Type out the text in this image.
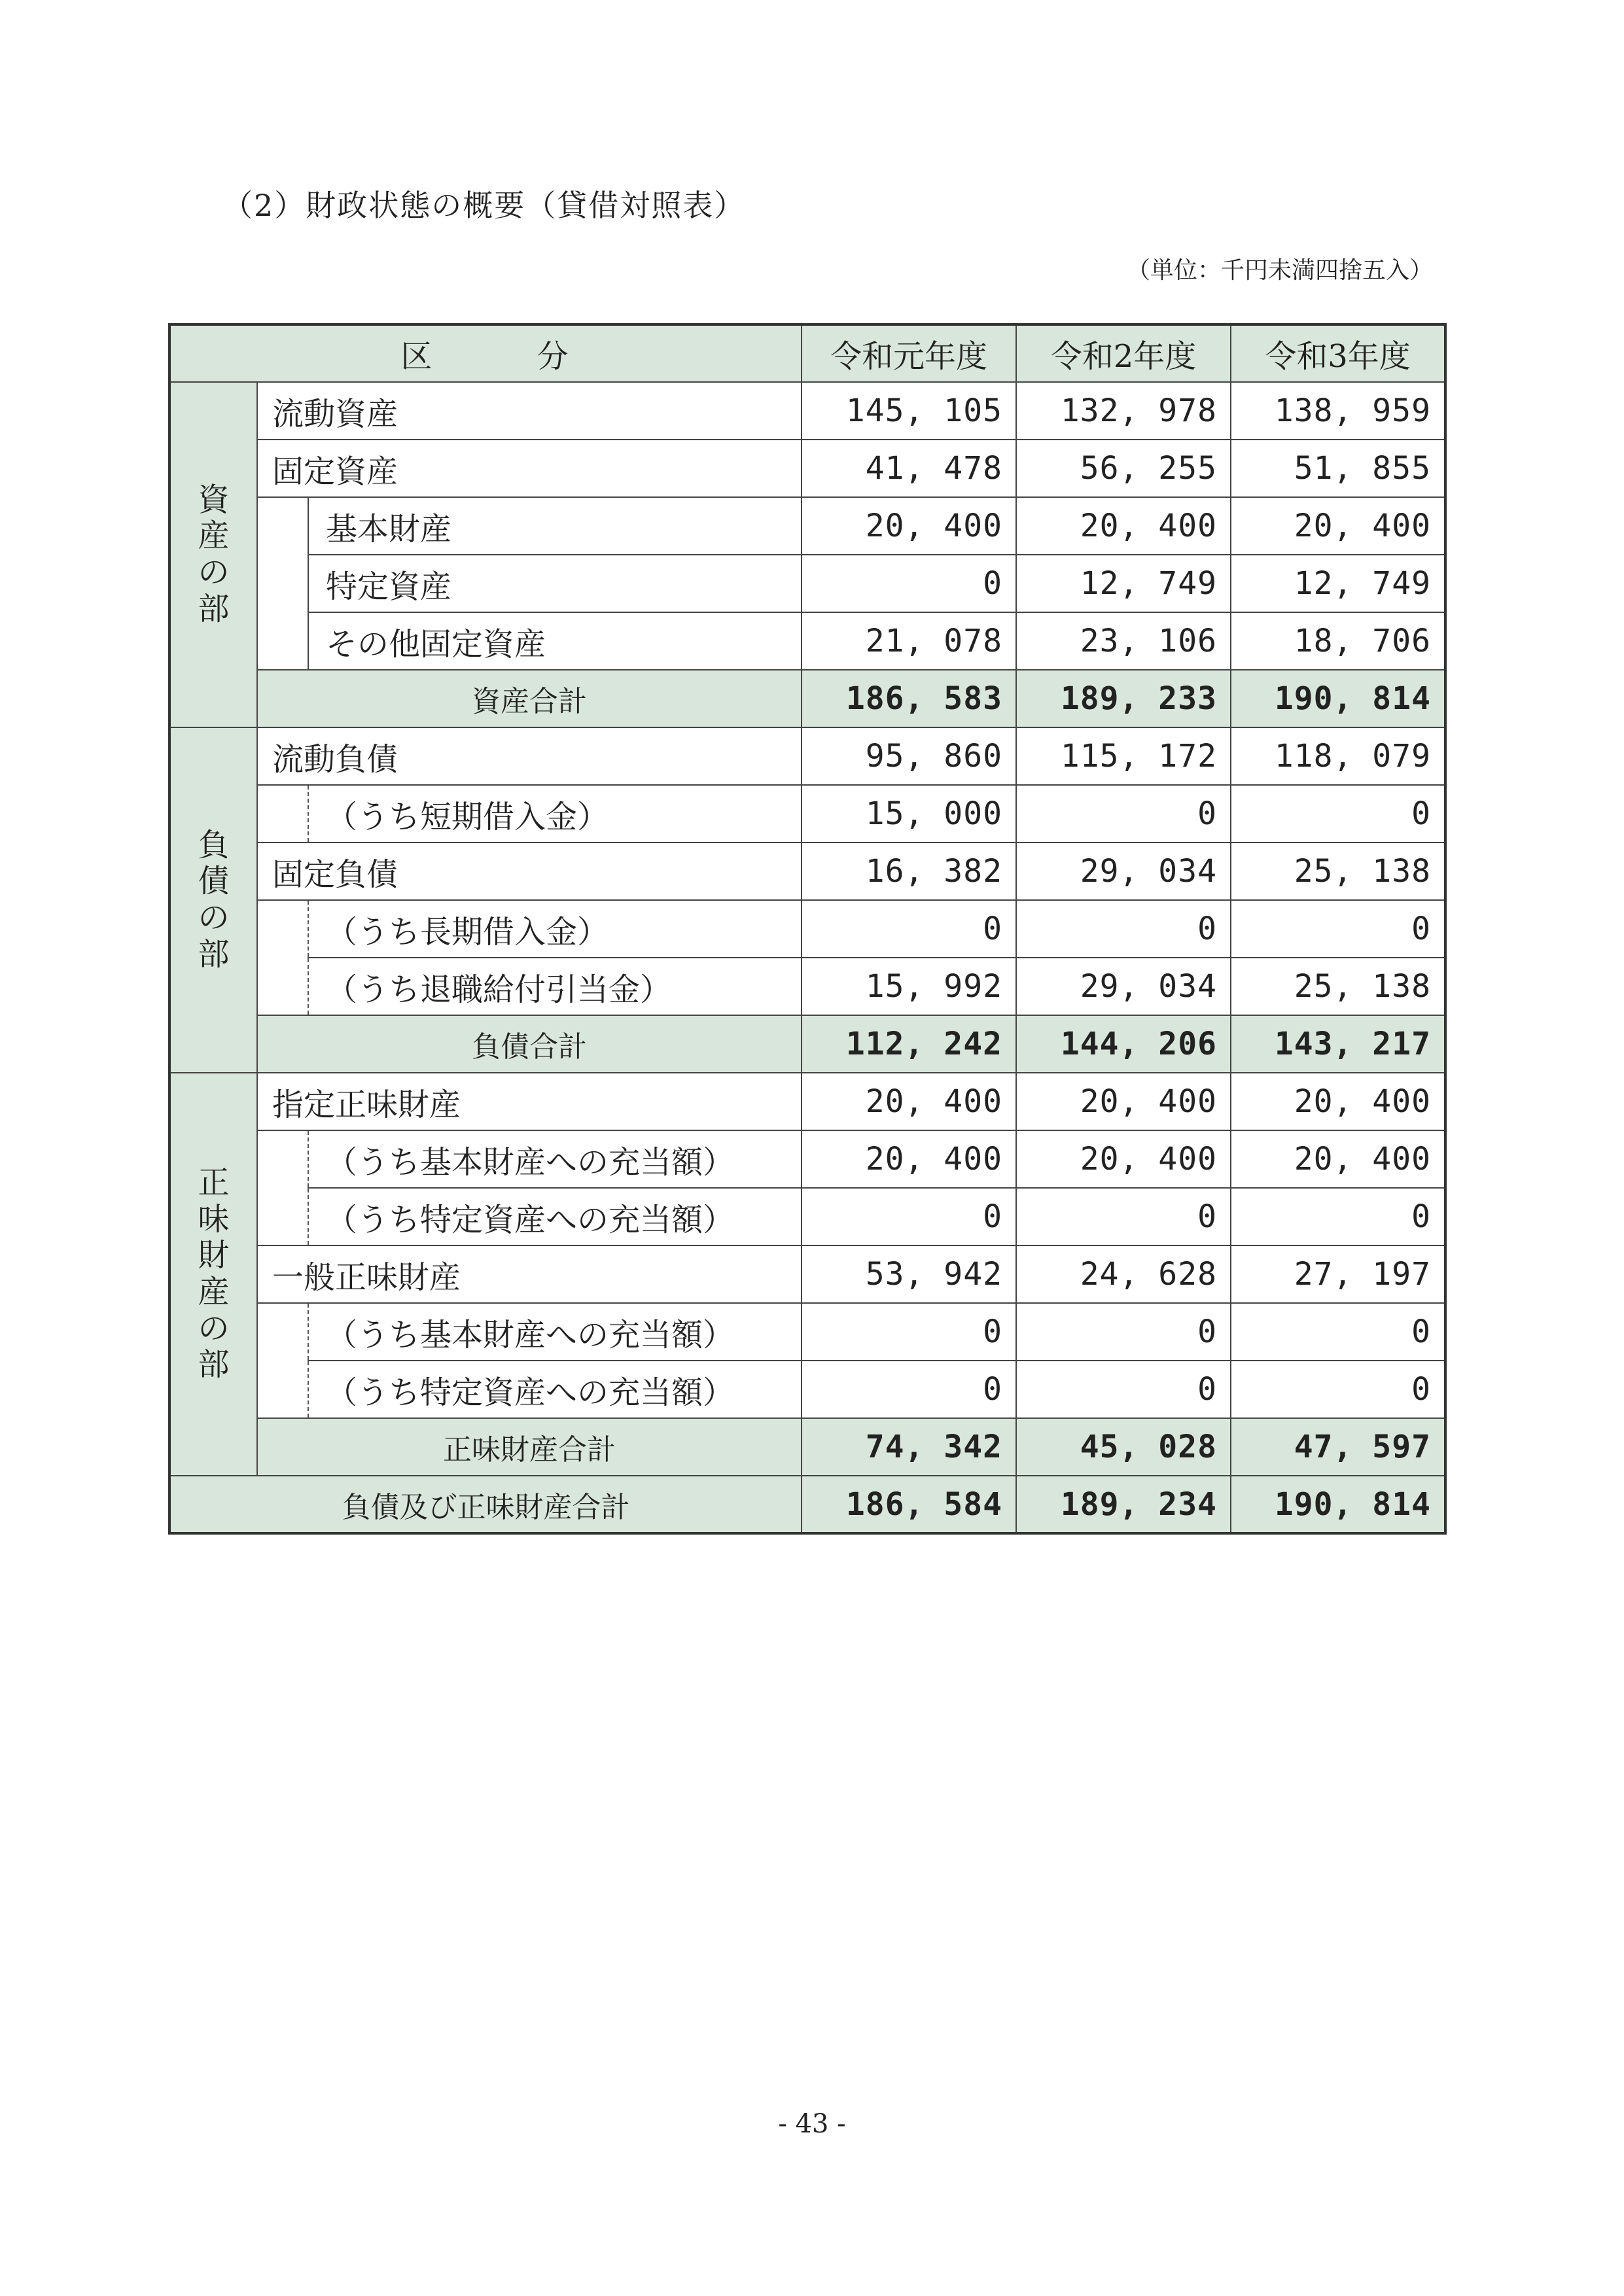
（2）財政状態の概要（貸借対照表）
（単位：千円未満四捨五入）
区　　　分			令和元年度	令和2年度	令和3年度

資産の部	流動資産		145, 105	132, 978	138, 959
	固定資産		41, 478	56, 255	51, 855
		基本財産	20, 400	20, 400	20, 400
		特定資産	0	12, 749	12, 749
		その他固定資産	21, 078	23, 106	18, 706
	資産合計		186, 583	189, 233	190, 814

負債の部	流動負債		95, 860	115, 172	118, 079
		（うち短期借入金）	15, 000	0	0
	固定負債		16, 382	29, 034	25, 138
		（うち長期借入金）	0	0	0
		（うち退職給付引当金）	15, 992	29, 034	25, 138
	負債合計		112, 242	144, 206	143, 217

正味財産の部	指定正味財産		20, 400	20, 400	20, 400
		（うち基本財産への充当額）	20, 400	20, 400	20, 400
		（うち特定資産への充当額）	0	0	0
	一般正味財産		53, 942	24, 628	27, 197
		（うち基本財産への充当額）	0	0	0
		（うち特定資産への充当額）	0	0	0
	正味財産合計		74, 342	45, 028	47, 597
負債及び正味財産合計			186, 584	189, 234	190, 814
- 43 -
